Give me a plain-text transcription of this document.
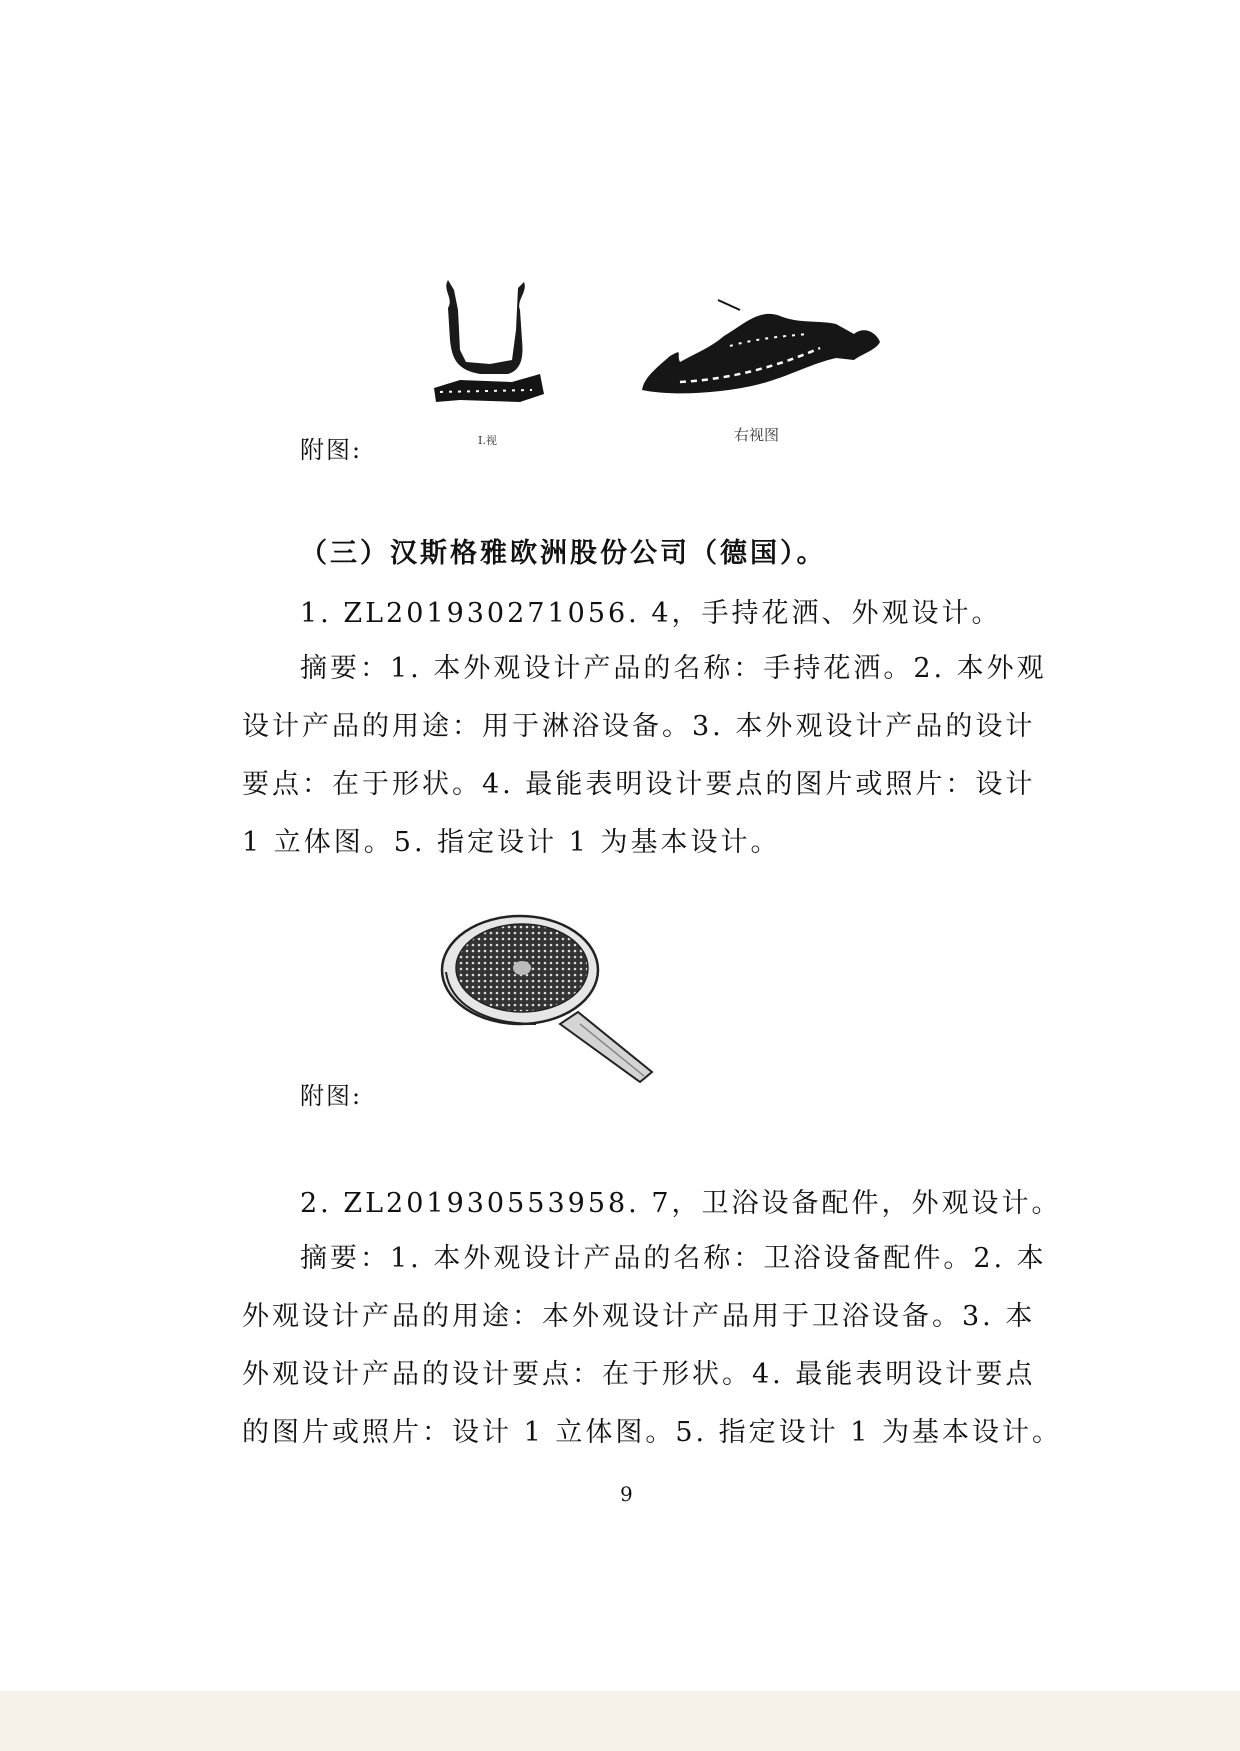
附图:	I.视	右视图
（三）汉斯格雅欧洲股份公司（德国）。
1. ZL201930271056. 4，手持花洒、外观设计。
摘要：1. 本外观设计产品的名称：手持花洒。2. 本外观
设计产品的用途：用于淋浴设备。3. 本外观设计产品的设计
要点：在于形状。4. 最能表明设计要点的图片或照片：设计
1 立体图。5. 指定设计 1 为基本设计。
附图:
2. ZL201930553958. 7，卫浴设备配件，外观设计。
摘要：1. 本外观设计产品的名称：卫浴设备配件。2. 本
外观设计产品的用途：本外观设计产品用于卫浴设备。3. 本
外观设计产品的设计要点：在于形状。4. 最能表明设计要点
的图片或照片：设计 1 立体图。5. 指定设计 1 为基本设计。
9
